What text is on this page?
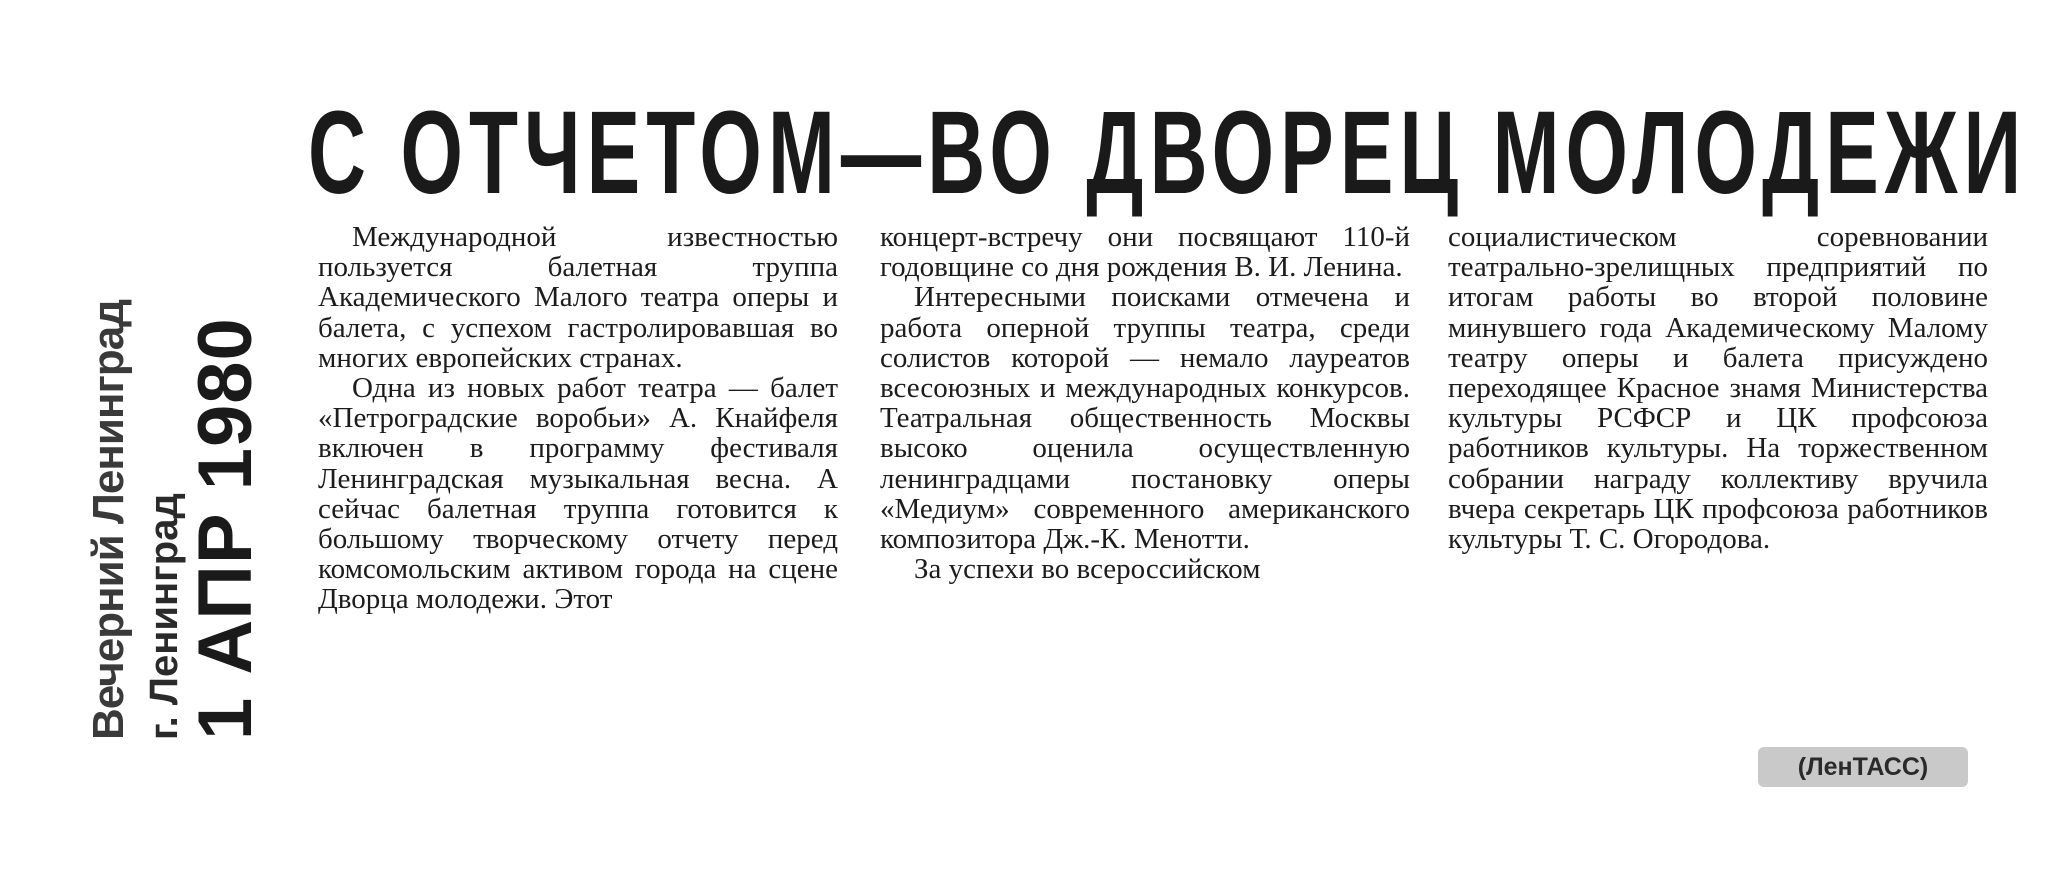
Вечерний Ленинград г. Ленинград
1 АПР 1980
С ОТЧЕТОМ—ВО ДВОРЕЦ МОЛОДЕЖИ

Международной известностью пользуется балетная труппа Академического Малого театра оперы и балета, с успехом гастролировавшая во многих европейских странах.

Одна из новых работ театра — балет «Петроградские воробьи» А. Кнайфеля включен в программу фестиваля Ленинградская музыкальная весна. А сейчас балетная труппа готовится к большому творческому отчету перед комсомольским активом города на сцене Дворца молодежи. Этот

концерт-встречу они посвящают 110-й годовщине со дня рождения В. И. Ленина.

Интересными поисками отмечена и работа оперной труппы театра, среди солистов которой — немало лауреатов всесоюзных и международных конкурсов. Театральная общественность Москвы высоко оценила осуществленную ленинградцами постановку оперы «Медиум» современного американского композитора Дж.-К. Менотти.

За успехи во всероссийском

социалистическом соревновании театрально-зрелищных предприятий по итогам работы во второй половине минувшего года Академическому Малому театру оперы и балета присуждено переходящее Красное знамя Министерства культуры РСФСР и ЦК профсоюза работников культуры. На торжественном собрании награду коллективу вручила вчера секретарь ЦК профсоюза работников культуры Т. С. Огородова.

(ЛенТАСС)
